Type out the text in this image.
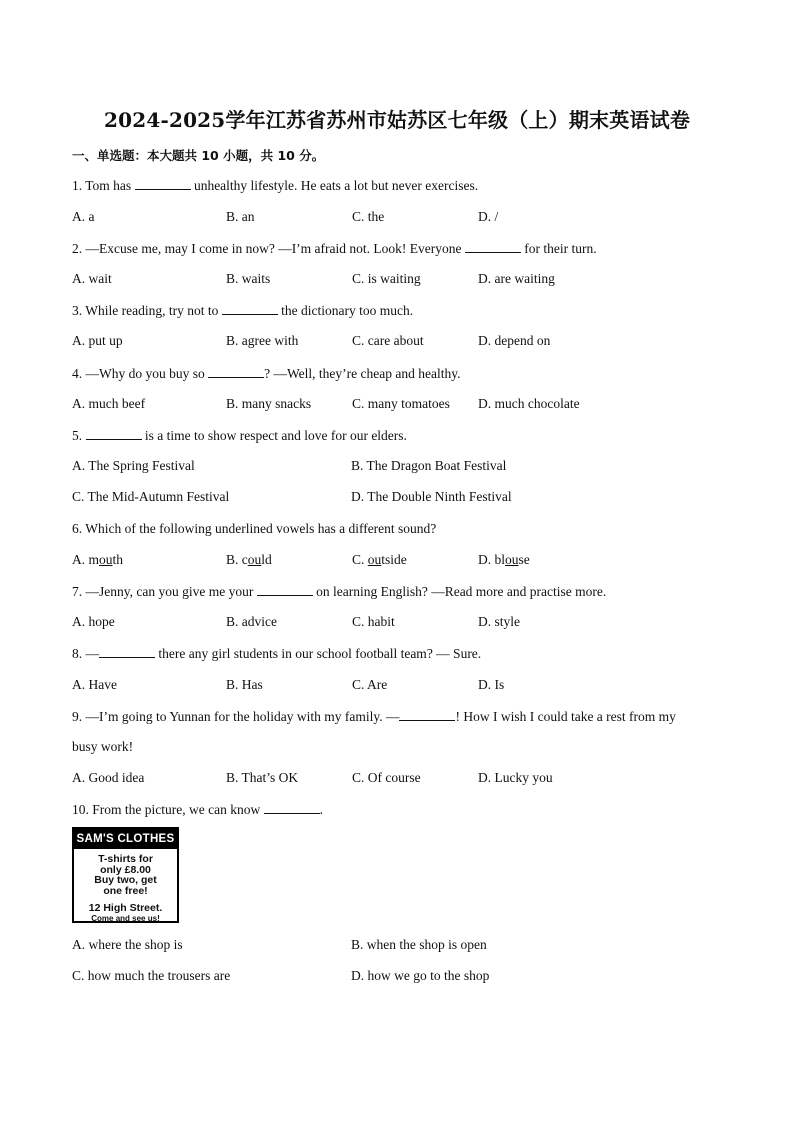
2024-2025学年江苏省苏州市姑苏区七年级（上）期末英语试卷
一、单选题：本大题共 10 小题，共 10 分。
1. Tom has	unhealthy lifestyle. He eats a lot but never exercises.
A. a	B. an	C. the	D. /
2. —Excuse me, may I come in now? —I’m afraid not. Look! Everyone	for their turn.
A. wait	B. waits	C. is waiting	D. are waiting
3. While reading, try not to	the dictionary too much.
A. put up	B. agree with	C. care about	D. depend on
4. —Why do you buy so	? —Well, they’re cheap and healthy.
A. much beef	B. many snacks	C. many tomatoes D. much chocolate
5.	is a time to show respect and love for our elders.
A. The Spring Festival	B. The Dragon Boat Festival
C. The Mid-Autumn Festival	D. The Double Ninth Festival
6. Which of the following underlined vowels has a different sound?
A. mouth	B. could	C. outside	D. blouse
7. —Jenny, can you give me your	on learning English? —Read more and practise more.
A. hope	B. advice	C. habit	D. style
8. —	there any girl students in our school football team? — Sure.
A. Have	B. Has	C. Are	D. Is
9. —I’m going to Yunnan for the holiday with my family. —	! How I wish I could take a rest from my
busy work!
A. Good idea	B. That’s OK	C. Of course	D. Lucky you
10. From the picture, we can know	.
SAM'S CLOTHES
T-shirts for
only £8.00
Buy two, get
one free!
12 High Street.
Come and see us!
A. where the shop is	B. when the shop is open
C. how much the trousers are	D. how we go to the shop
